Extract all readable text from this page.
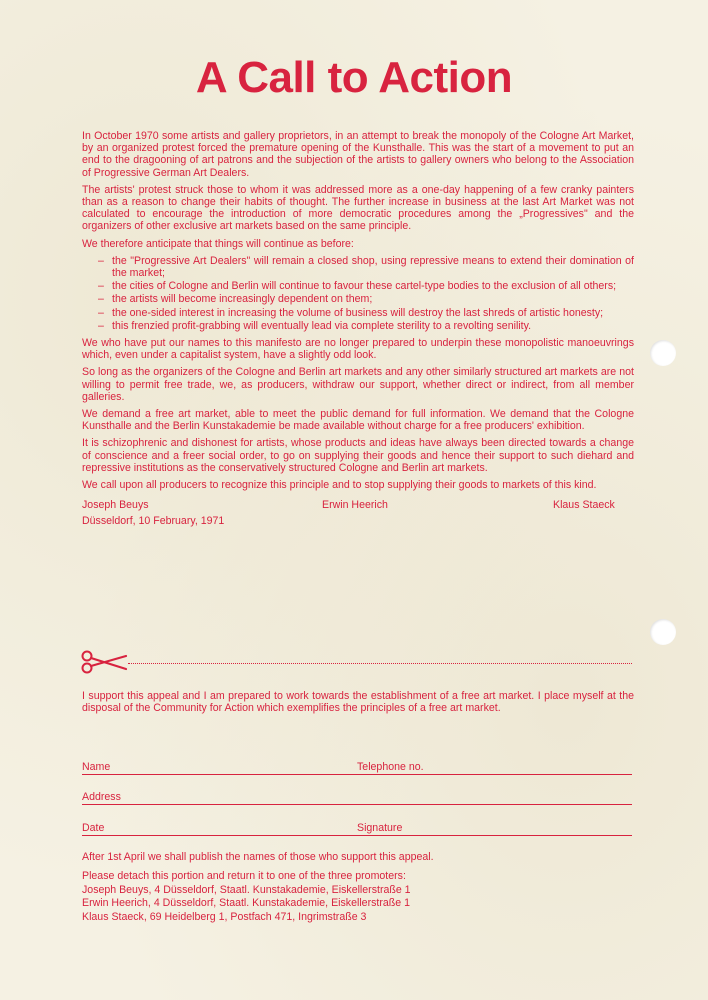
A Call to Action

In October 1970 some artists and gallery proprietors, in an attempt to break the monopoly of the Cologne Art Market, by an organized protest forced the premature opening of the Kunsthalle. This was the start of a movement to put an end to the dragooning of art patrons and the subjection of the artists to gallery owners who belong to the Association of Progressive German Art Dealers.

The artists' protest struck those to whom it was addressed more as a one-day happening of a few cranky painters than as a reason to change their habits of thought. The further increase in business at the last Art Market was not calculated to encourage the introduction of more democratic procedures among the „Progressives" and the organizers of other exclusive art markets based on the same principle.

We therefore anticipate that things will continue as before:

– the "Progressive Art Dealers" will remain a closed shop, using repressive means to extend their domination of the market;
– the cities of Cologne and Berlin will continue to favour these cartel-type bodies to the exclusion of all others;
– the artists will become increasingly dependent on them;
– the one-sided interest in increasing the volume of business will destroy the last shreds of artistic honesty;
– this frenzied profit-grabbing will eventually lead via complete sterility to a revolting senility.

We who have put our names to this manifesto are no longer prepared to underpin these monopolistic manoeuvrings which, even under a capitalist system, have a slightly odd look.

So long as the organizers of the Cologne and Berlin art markets and any other similarly structured art markets are not willing to permit free trade, we, as producers, withdraw our support, whether direct or indirect, from all member galleries.

We demand a free art market, able to meet the public demand for full information. We demand that the Cologne Kunsthalle and the Berlin Kunstakademie be made available without charge for a free producers' exhibition.

It is schizophrenic and dishonest for artists, whose products and ideas have always been directed towards a change of conscience and a freer social order, to go on supplying their goods and hence their support to such diehard and repressive institutions as the conservatively structured Cologne and Berlin art markets.

We call upon all producers to recognize this principle and to stop supplying their goods to markets of this kind.

Joseph Beuys	Erwin Heerich	Klaus Staeck

Düsseldorf, 10 February, 1971

I support this appeal and I am prepared to work towards the establishment of a free art market. I place myself at the disposal of the Community for Action which exemplifies the principles of a free art market.

Name	Telephone no.
Address
Date	Signature

After 1st April we shall publish the names of those who support this appeal.

Please detach this portion and return it to one of the three promoters:

Joseph Beuys, 4 Düsseldorf, Staatl. Kunstakademie, Eiskellerstraße 1

Erwin Heerich, 4 Düsseldorf, Staatl. Kunstakademie, Eiskellerstraße 1

Klaus Staeck, 69 Heidelberg 1, Postfach 471, Ingrimstraße 3
